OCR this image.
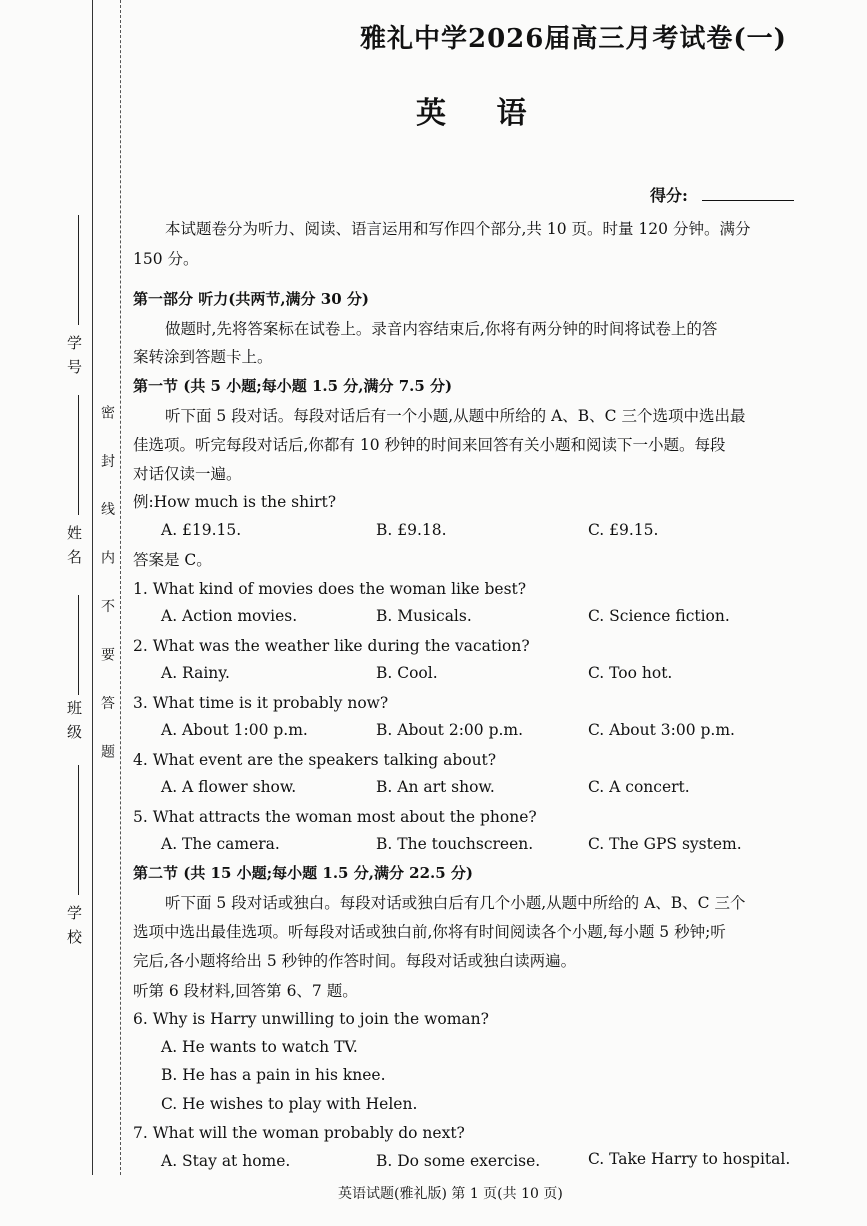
学 号
姓 名
班 级
学 校
密 封 线 内 不 要 答 题
雅礼中学2026届高三月考试卷(一)
英 语
得分:
本试题卷分为听力、阅读、语言运用和写作四个部分,共 10 页。时量 120 分钟。满分
150 分。
第一部分 听力(共两节,满分 30 分)
做题时,先将答案标在试卷上。录音内容结束后,你将有两分钟的时间将试卷上的答
案转涂到答题卡上。
第一节 (共 5 小题;每小题 1.5 分,满分 7.5 分)
听下面 5 段对话。每段对话后有一个小题,从题中所给的 A、B、C 三个选项中选出最
佳选项。听完每段对话后,你都有 10 秒钟的时间来回答有关小题和阅读下一小题。每段
对话仅读一遍。
例:How much is the shirt?
A. £19.15.	B. £9.18.	C. £9.15.
答案是 C。
1. What kind of movies does the woman like best?
A. Action movies.	B. Musicals.	C. Science fiction.
2. What was the weather like during the vacation?
A. Rainy.	B. Cool.	C. Too hot.
3. What time is it probably now?
A. About 1:00 p.m.	B. About 2:00 p.m.	C. About 3:00 p.m.
4. What event are the speakers talking about?
A. A flower show.	B. An art show.	C. A concert.
5. What attracts the woman most about the phone?
A. The camera.	B. The touchscreen.	C. The GPS system.
第二节 (共 15 小题;每小题 1.5 分,满分 22.5 分)
听下面 5 段对话或独白。每段对话或独白后有几个小题,从题中所给的 A、B、C 三个
选项中选出最佳选项。听每段对话或独白前,你将有时间阅读各个小题,每小题 5 秒钟;听
完后,各小题将给出 5 秒钟的作答时间。每段对话或独白读两遍。
听第 6 段材料,回答第 6、7 题。
6. Why is Harry unwilling to join the woman?
A. He wants to watch TV.
B. He has a pain in his knee.
C. He wishes to play with Helen.
7. What will the woman probably do next?
A. Stay at home.	B. Do some exercise.	C. Take Harry to hospital.
英语试题(雅礼版) 第 1 页(共 10 页)
